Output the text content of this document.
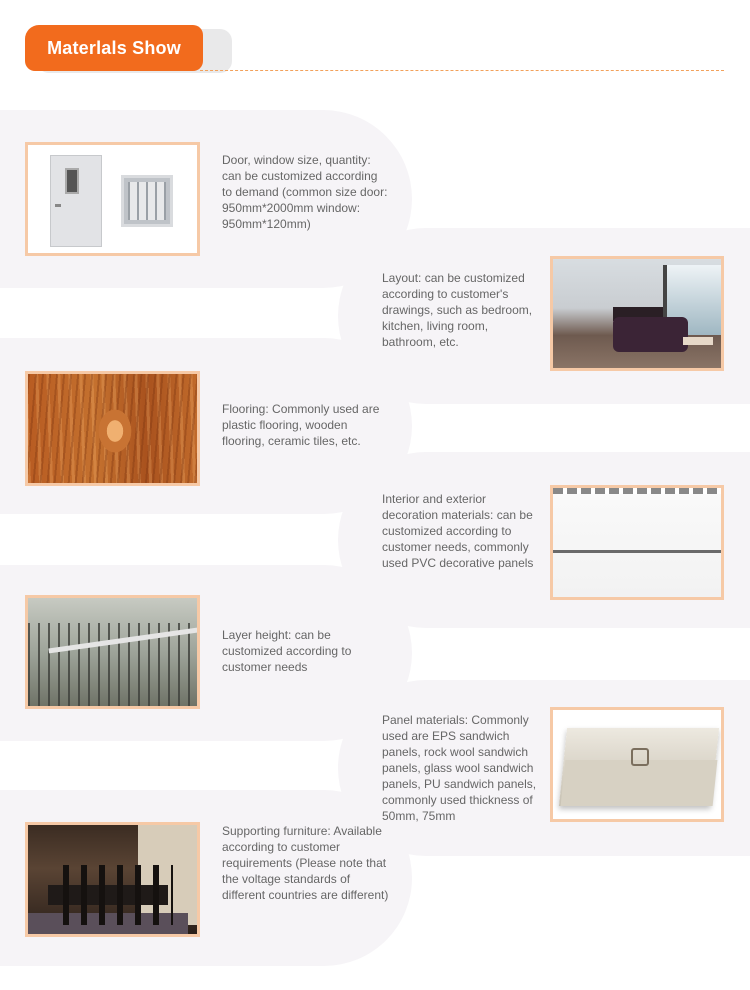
Materlals Show
Door, window size, quantity: can be customized according to demand (common size door: 950mm*2000mm window: 950mm*120mm)
Layout: can be customized according to customer's drawings, such as bedroom, kitchen, living room, bathroom, etc.
Flooring: Commonly used are plastic flooring, wooden flooring, ceramic tiles, etc.
Interior and exterior decoration materials: can be customized according to customer needs, commonly used PVC decorative panels
Layer height: can be customized according to customer needs
Panel materials: Commonly used are EPS sandwich panels, rock wool sandwich panels, glass wool sandwich panels, PU sandwich panels, commonly used thickness of 50mm, 75mm
Supporting furniture: Available according to customer requirements (Please note that the voltage standards of different countries are different)
